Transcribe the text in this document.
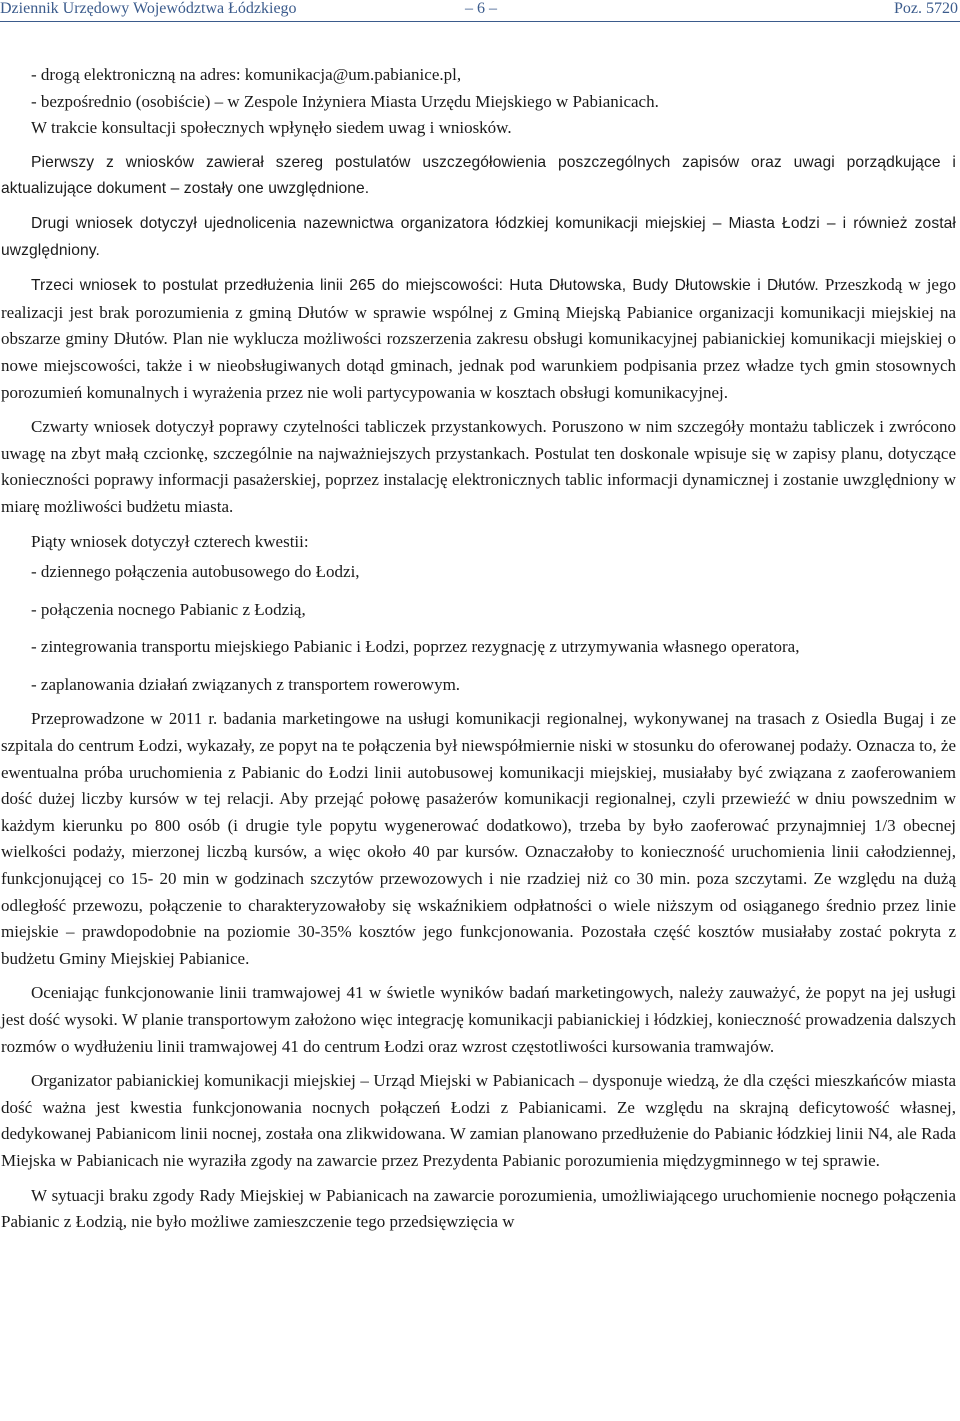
Dziennik Urzędowy Województwa Łódzkiego	– 6 –	Poz. 5720

- drogą elektroniczną na adres: komunikacja@um.pabianice.pl,

- bezpośrednio (osobiście) – w Zespole Inżyniera Miasta Urzędu Miejskiego w Pabianicach.

W trakcie konsultacji społecznych wpłynęło siedem uwag i wniosków.

Pierwszy z wniosków zawierał szereg postulatów uszczegółowienia poszczególnych zapisów oraz uwagi porządkujące i aktualizujące dokument – zostały one uwzględnione.

Drugi wniosek dotyczył ujednolicenia nazewnictwa organizatora łódzkiej komunikacji miejskiej – Miasta Łodzi – i również został uwzględniony.

Trzeci wniosek to postulat przedłużenia linii 265 do miejscowości: Huta Dłutowska, Budy Dłutowskie i Dłutów. Przeszkodą w jego realizacji jest brak porozumienia z gminą Dłutów w sprawie wspólnej z Gminą Miejską Pabianice organizacji komunikacji miejskiej na obszarze gminy Dłutów. Plan nie wyklucza możliwości rozszerzenia zakresu obsługi komunikacyjnej pabianickiej komunikacji miejskiej o nowe miejscowości, także i w nieobsługiwanych dotąd gminach, jednak pod warunkiem podpisania przez władze tych gmin stosownych porozumień komunalnych i wyrażenia przez nie woli partycypowania w kosztach obsługi komunikacyjnej.

Czwarty wniosek dotyczył poprawy czytelności tabliczek przystankowych. Poruszono w nim szczegóły montażu tabliczek i zwrócono uwagę na zbyt małą czcionkę, szczególnie na najważniejszych przystankach. Postulat ten doskonale wpisuje się w zapisy planu, dotyczące konieczności poprawy informacji pasażerskiej, poprzez instalację elektronicznych tablic informacji dynamicznej i zostanie uwzględniony w miarę możliwości budżetu miasta.

Piąty wniosek dotyczył czterech kwestii:

- dziennego połączenia autobusowego do Łodzi,

- połączenia nocnego Pabianic z Łodzią,

- zintegrowania transportu miejskiego Pabianic i Łodzi, poprzez rezygnację z utrzymywania własnego operatora,

- zaplanowania działań związanych z transportem rowerowym.

Przeprowadzone w 2011 r. badania marketingowe na usługi komunikacji regionalnej, wykonywanej na trasach z Osiedla Bugaj i ze szpitala do centrum Łodzi, wykazały, ze popyt na te połączenia był niewspółmiernie niski w stosunku do oferowanej podaży. Oznacza to, że ewentualna próba uruchomienia z Pabianic do Łodzi linii autobusowej komunikacji miejskiej, musiałaby być związana z zaoferowaniem dość dużej liczby kursów w tej relacji. Aby przejąć połowę pasażerów komunikacji regionalnej, czyli przewieźć w dniu powszednim w każdym kierunku po 800 osób (i drugie tyle popytu wygenerować dodatkowo), trzeba by było zaoferować przynajmniej 1/3 obecnej wielkości podaży, mierzonej liczbą kursów, a więc około 40 par kursów. Oznaczałoby to konieczność uruchomienia linii całodziennej, funkcjonującej co 15- 20 min w godzinach szczytów przewozowych i nie rzadziej niż co 30 min. poza szczytami. Ze względu na dużą odległość przewozu, połączenie to charakteryzowałoby się wskaźnikiem odpłatności o wiele niższym od osiąganego średnio przez linie miejskie – prawdopodobnie na poziomie 30-35% kosztów jego funkcjonowania. Pozostała część kosztów musiałaby zostać pokryta z budżetu Gminy Miejskiej Pabianice.

Oceniając funkcjonowanie linii tramwajowej 41 w świetle wyników badań marketingowych, należy zauważyć, że popyt na jej usługi jest dość wysoki. W planie transportowym założono więc integrację komunikacji pabianickiej i łódzkiej, konieczność prowadzenia dalszych rozmów o wydłużeniu linii tramwajowej 41 do centrum Łodzi oraz wzrost częstotliwości kursowania tramwajów.

Organizator pabianickiej komunikacji miejskiej – Urząd Miejski w Pabianicach – dysponuje wiedzą, że dla części mieszkańców miasta dość ważna jest kwestia funkcjonowania nocnych połączeń Łodzi z Pabianicami. Ze względu na skrajną deficytowość własnej, dedykowanej Pabianicom linii nocnej, została ona zlikwidowana. W zamian planowano przedłużenie do Pabianic łódzkiej linii N4, ale Rada Miejska w Pabianicach nie wyraziła zgody na zawarcie przez Prezydenta Pabianic porozumienia międzygminnego w tej sprawie.

W sytuacji braku zgody Rady Miejskiej w Pabianicach na zawarcie porozumienia, umożliwiającego uruchomienie nocnego połączenia Pabianic z Łodzią, nie było możliwe zamieszczenie tego przedsięwzięcia w
